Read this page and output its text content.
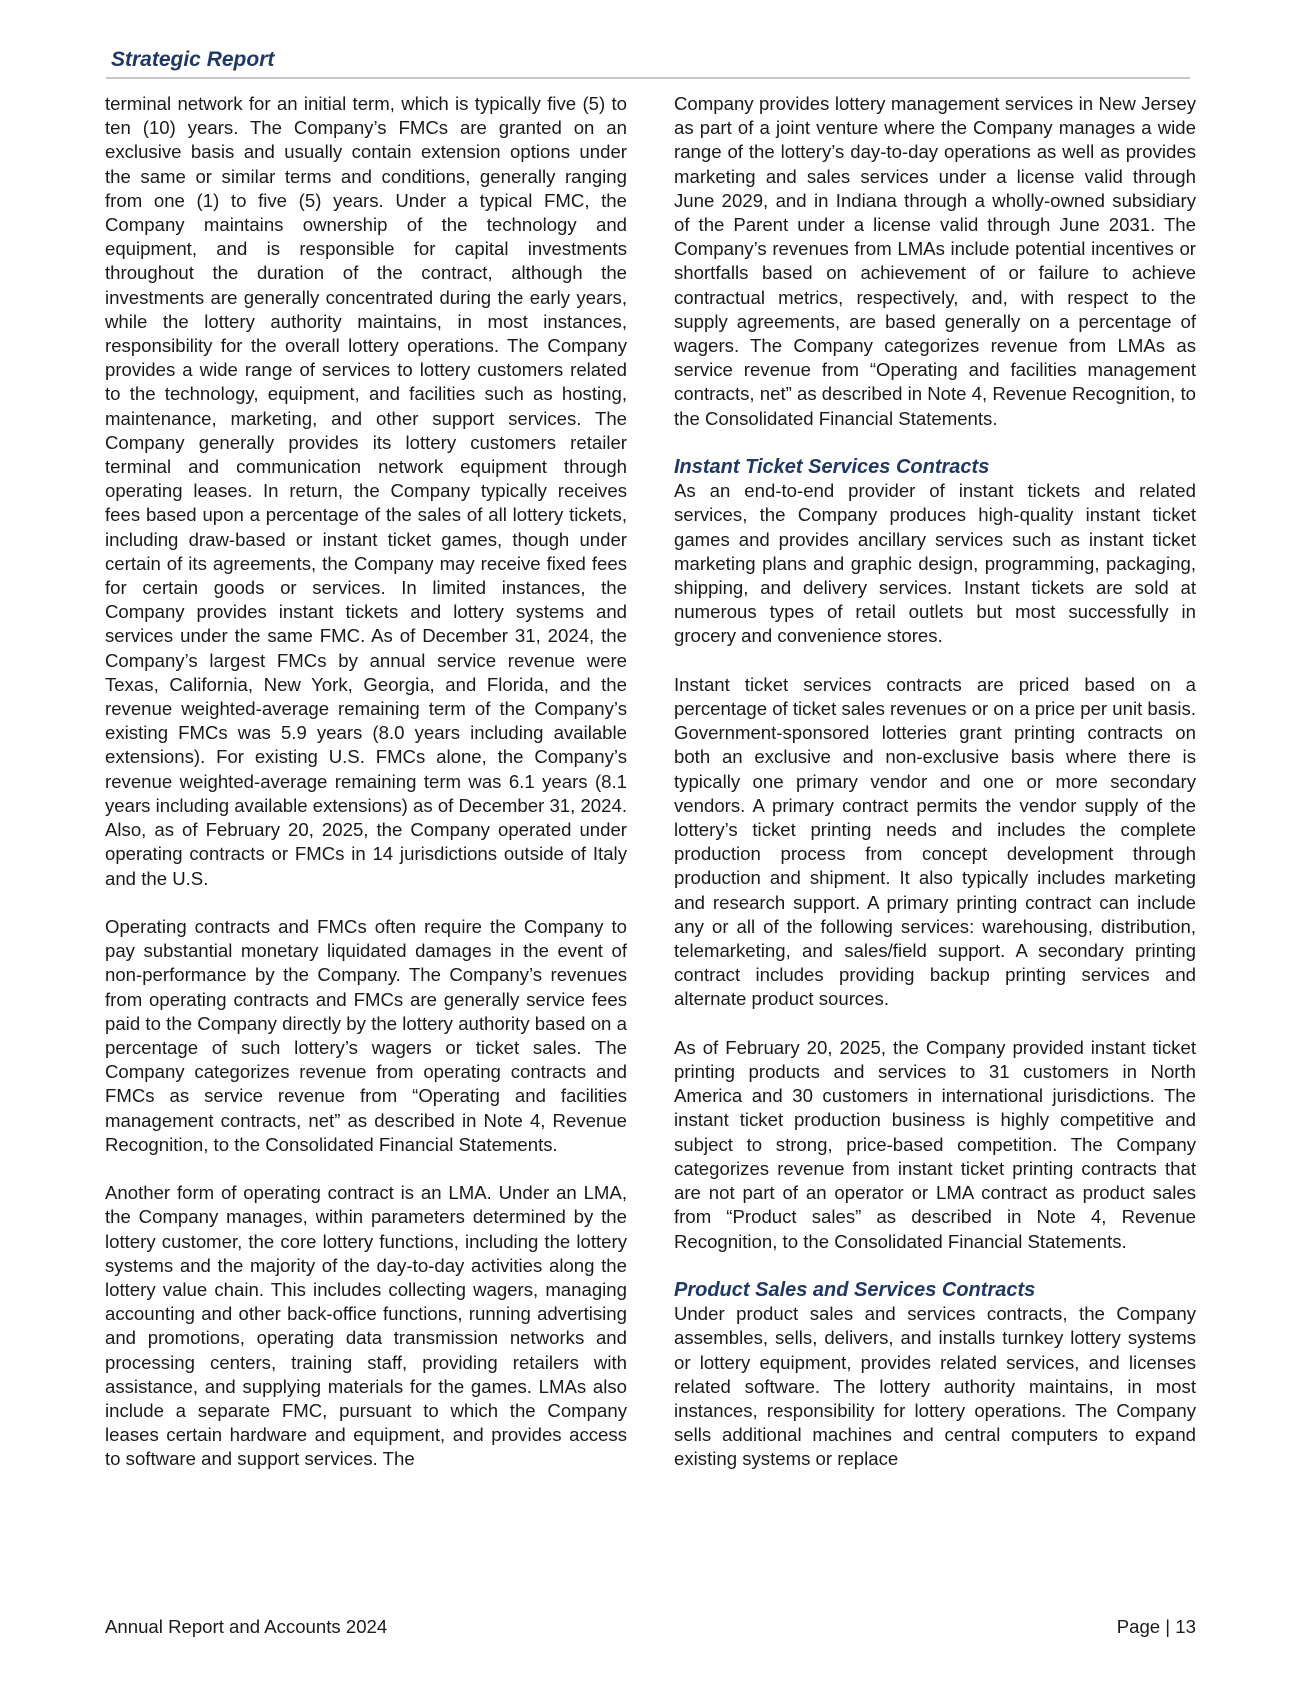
Strategic Report

terminal network for an initial term, which is typically five (5) to ten (10) years. The Company’s FMCs are granted on an exclusive basis and usually contain extension options under the same or similar terms and conditions, generally ranging from one (1) to five (5) years. Under a typical FMC, the Company maintains ownership of the technology and equipment, and is responsible for capital investments throughout the duration of the contract, although the investments are generally concentrated during the early years, while the lottery authority maintains, in most instances, responsibility for the overall lottery operations. The Company provides a wide range of services to lottery customers related to the technology, equipment, and facilities such as hosting, maintenance, marketing, and other support services. The Company generally provides its lottery customers retailer terminal and communication network equipment through operating leases. In return, the Company typically receives fees based upon a percentage of the sales of all lottery tickets, including draw-based or instant ticket games, though under certain of its agreements, the Company may receive fixed fees for certain goods or services. In limited instances, the Company provides instant tickets and lottery systems and services under the same FMC. As of December 31, 2024, the Company’s largest FMCs by annual service revenue were Texas, California, New York, Georgia, and Florida, and the revenue weighted-average remaining term of the Company’s existing FMCs was 5.9 years (8.0 years including available extensions). For existing U.S. FMCs alone, the Company’s revenue weighted-average remaining term was 6.1 years (8.1 years including available extensions) as of December 31, 2024. Also, as of February 20, 2025, the Company operated under operating contracts or FMCs in 14 jurisdictions outside of Italy and the U.S.

Operating contracts and FMCs often require the Company to pay substantial monetary liquidated damages in the event of non-performance by the Company. The Company’s revenues from operating contracts and FMCs are generally service fees paid to the Company directly by the lottery authority based on a percentage of such lottery’s wagers or ticket sales. The Company categorizes revenue from operating contracts and FMCs as service revenue from “Operating and facilities management contracts, net” as described in Note 4, Revenue Recognition, to the Consolidated Financial Statements.

Another form of operating contract is an LMA. Under an LMA, the Company manages, within parameters determined by the lottery customer, the core lottery functions, including the lottery systems and the majority of the day-to-day activities along the lottery value chain. This includes collecting wagers, managing accounting and other back-office functions, running advertising and promotions, operating data transmission networks and processing centers, training staff, providing retailers with assistance, and supplying materials for the games. LMAs also include a separate FMC, pursuant to which the Company leases certain hardware and equipment, and provides access to software and support services. The

Company provides lottery management services in New Jersey as part of a joint venture where the Company manages a wide range of the lottery’s day-to-day operations as well as provides marketing and sales services under a license valid through June 2029, and in Indiana through a wholly-owned subsidiary of the Parent under a license valid through June 2031. The Company’s revenues from LMAs include potential incentives or shortfalls based on achievement of or failure to achieve contractual metrics, respectively, and, with respect to the supply agreements, are based generally on a percentage of wagers. The Company categorizes revenue from LMAs as service revenue from “Operating and facilities management contracts, net” as described in Note 4, Revenue Recognition, to the Consolidated Financial Statements.

Instant Ticket Services Contracts

As an end-to-end provider of instant tickets and related services, the Company produces high-quality instant ticket games and provides ancillary services such as instant ticket marketing plans and graphic design, programming, packaging, shipping, and delivery services. Instant tickets are sold at numerous types of retail outlets but most successfully in grocery and convenience stores.

Instant ticket services contracts are priced based on a percentage of ticket sales revenues or on a price per unit basis. Government-sponsored lotteries grant printing contracts on both an exclusive and non-exclusive basis where there is typically one primary vendor and one or more secondary vendors. A primary contract permits the vendor supply of the lottery’s ticket printing needs and includes the complete production process from concept development through production and shipment. It also typically includes marketing and research support. A primary printing contract can include any or all of the following services: warehousing, distribution, telemarketing, and sales/field support. A secondary printing contract includes providing backup printing services and alternate product sources.

As of February 20, 2025, the Company provided instant ticket printing products and services to 31 customers in North America and 30 customers in international jurisdictions. The instant ticket production business is highly competitive and subject to strong, price-based competition. The Company categorizes revenue from instant ticket printing contracts that are not part of an operator or LMA contract as product sales from “Product sales” as described in Note 4, Revenue Recognition, to the Consolidated Financial Statements.

Product Sales and Services Contracts

Under product sales and services contracts, the Company assembles, sells, delivers, and installs turnkey lottery systems or lottery equipment, provides related services, and licenses related software. The lottery authority maintains, in most instances, responsibility for lottery operations. The Company sells additional machines and central computers to expand existing systems or replace

Annual Report and Accounts 2024	Page | 13
